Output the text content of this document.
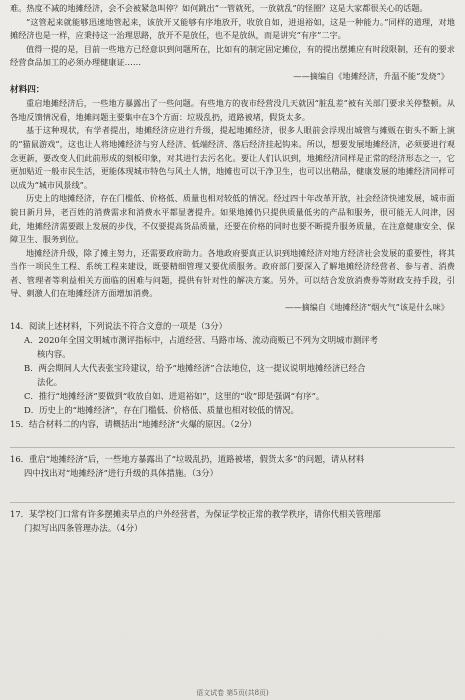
难。热度不减的地摊经济，会不会被紧急叫停？如何跳出“一管就死，一放就乱”的怪圈？这是大家都很关心的话题。

“这管起来就能够迅速地管起来，该放开又能够有序地放开，收放自如，进退裕如，这是一种能力。”同样的道理，对地摊经济也是一样，应秉持这一治理思路，放开不是放任，也不是放纵，而是讲究“有序”二字。

值得一提的是，目前一些地方已经意识到问题所在，比如有的制定固定摊位，有的提出摆摊应有时段限制，还有的要求经营食品加工的必须办理健康证……

——摘编自《地摊经济，升温不能“发烧”》

材料四：

重启地摊经济后，一些地方暴露出了一些问题。有些地方的夜市经营没几天就因“脏乱差”被有关部门要求关停整顿。从各地反馈情况看，地摊问题主要集中在3个方面：垃圾乱扔，道路被堵，假货太多。

基于这种现状，有学者提出，地摊经济应进行升级，提起地摊经济，很多人眼前会浮现出城管与摊贩在街头不断上演的“猫鼠游戏”，这也让人将地摊经济与穷人经济、低端经济、落后经济挂起钩来。所以，想要发展地摊经济，必须要进行观念更新，要改变人们此前形成的刻板印象，对其进行去污名化。要让人们认识到，地摊经济同样是正常的经济形态之一，它更加贴近一般市民生活，更能体现城市特色与风土人情，地摊也可以干净卫生，也可以出精品，健康发展的地摊经济同样可以成为“城市风景线”。

历史上的地摊经济，存在门槛低、价格低、质量也相对较低的情况。经过四十年改革开放，社会经济快速发展，城市面貌日新月异，老百姓的消费需求和消费水平都显著提升。如果地摊仍只提供质量低劣的产品和服务，很可能无人问津，因此，地摊经济需要跟上发展的步伐，不仅要提高货品质量，还要在价格的同时也要不断提升服务质量，在注意健康安全、保障卫生、服务到位。

地摊经济升级，除了摊主努力，还需要政府助力。各地政府要真正认识到地摊经济对地方经济社会发展的重要性，将其当作一项民生工程、系统工程来建设，既要精细管理又要优质服务。政府部门要深入了解地摊经济经营者、参与者、消费者、管理者等利益相关方面临的困难与问题，提供有针对性的解决方案。另外，可以结合发放消费券等财政支持手段，引导、刺激人们在地摊经济方面增加消费。

——摘编自《地摊经济“烟火气”该是什么味》

14．阅读上述材料，下列说法不符合文意的一项是（3分）

A．2020年全国文明城市测评指标中，占道经营、马路市场、流动商贩已不列为文明城市测评考

核内容。

B．两会期间人大代表张宝玲建议，给予“地摊经济”合法地位，这一提议说明地摊经济已经合

法化。

C．推行“地摊经济”要做到“收放自如、进退裕如”，这里的“收”即是强调“有序”。

D．历史上的“地摊经济”，存在门槛低、价格低、质量也相对较低的情况。

15．结合材料二的内容，请概括出“地摊经济”火爆的原因。（2分）

16．重启“地摊经济”后，一些地方暴露出了“垃圾乱扔，道路被堵，假货太多”的问题，请从材料

四中找出对“地摊经济”进行升级的具体措施。（3分）

17．某学校门口常有许多摆摊卖早点的户外经营者，为保证学校正常的教学秩序，请你代相关管理部

门拟写出四条管理办法。（4分）

语文试卷 第5页(共8页)
